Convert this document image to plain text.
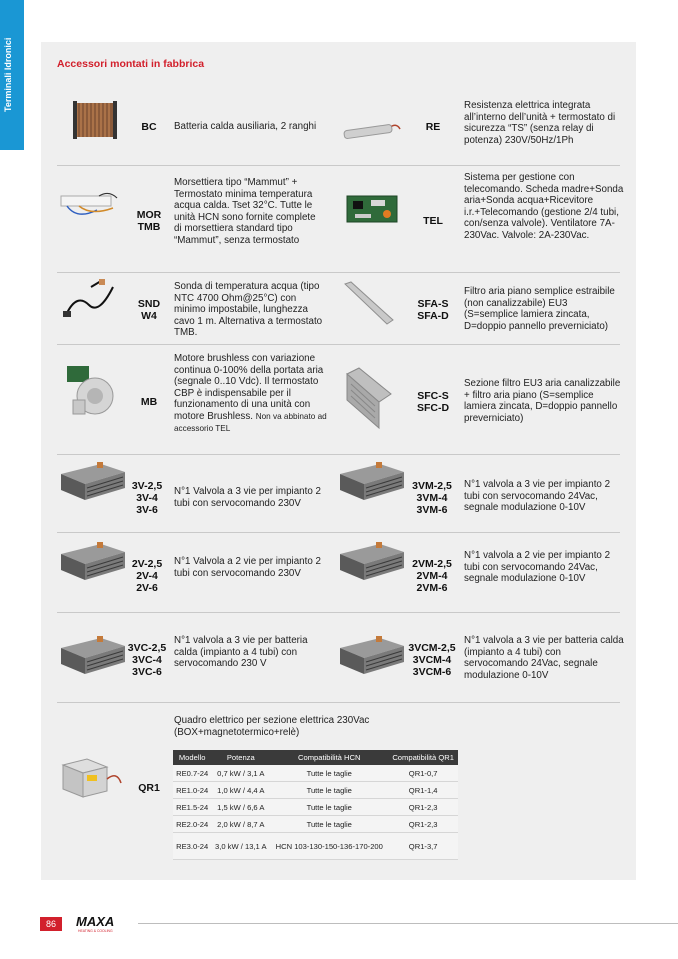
Terminali Idronici	Accessori montati in fabbrica
BC	Batteria calda ausiliaria, 2 ranghi	RE
Resistenza elettrica integrata all’interno dell’unità + termostato di sicurezza “TS” (senza relay di potenza) 230V/50Hz/1Ph
MOR
TMB
Morsettiera tipo “Mammut” + Termostato minima temperatura acqua calda. Tset 32°C. Tutte le unità HCN sono fornite complete di morsettiera standard tipo “Mammut”, senza termostato
TEL
Sistema per gestione con telecomando. Scheda madre+Sonda aria+Sonda acqua+Ricevitore i.r.+Telecomando (gestione 2/4 tubi, con/senza valvole). Ventilatore 7A-230Vac. Valvole: 2A-230Vac.
SND
W4
Sonda di temperatura acqua (tipo NTC 4700 Ohm@25°C) con minimo impostabile, lunghezza cavo 1 m. Alternativa a termostato TMB.
SFA-S
SFA-D
Filtro aria piano semplice estraibile (non canalizzabile) EU3 (S=semplice lamiera zincata, D=doppio pannello preverniciato)
MB
Motore brushless con variazione continua 0-100% della portata aria (segnale 0..10 Vdc). Il termostato CBP è indispensabile per il funzionamento di una unità con motore Brushless. Non va abbinato ad accessorio TEL
SFC-S
SFC-D
Sezione filtro EU3 aria canalizzabile + filtro aria piano (S=semplice lamiera zincata, D=doppio pannello preverniciato)
3V-2,5
3V-4
3V-6
N°1 Valvola a 3 vie per impianto 2 tubi con servocomando 230V
3VM-2,5
3VM-4
3VM-6
N°1 valvola a 3 vie per impianto 2 tubi con servocomando 24Vac, segnale modulazione 0-10V
2V-2,5
2V-4
2V-6
N°1 Valvola a 2 vie per impianto 2 tubi con servocomando 230V
2VM-2,5
2VM-4
2VM-6
N°1 valvola a 2 vie per impianto 2 tubi con servocomando 24Vac, segnale modulazione 0-10V
3VC-2,5
3VC-4
3VC-6
N°1 valvola a 3 vie per batteria calda (impianto a 4 tubi) con servocomando 230 V
3VCM-2,5
3VCM-4
3VCM-6
N°1 valvola a 3 vie per batteria calda (impianto a 4 tubi) con servocomando 24Vac, segnale modulazione 0-10V
QR1
Quadro elettrico per sezione elettrica 230Vac (BOX+magnetotermico+relè)
Modello	Potenza	Compatibilità HCN	Compatibilità QR1
RE0.7-24	0,7 kW / 3,1 A	Tutte le taglie	QR1-0,7
RE1.0-24	1,0 kW / 4,4 A	Tutte le taglie	QR1-1,4
RE1.5-24	1,5 kW / 6,6 A	Tutte le taglie	QR1-2,3
RE2.0-24	2,0 kW / 8,7 A	Tutte le taglie	QR1-2,3
RE3.0-24	3,0 kW / 13,1 A	HCN 103-130-150-136-170-200	QR1-3,7
86	MAXA
HEATING & COOLING
